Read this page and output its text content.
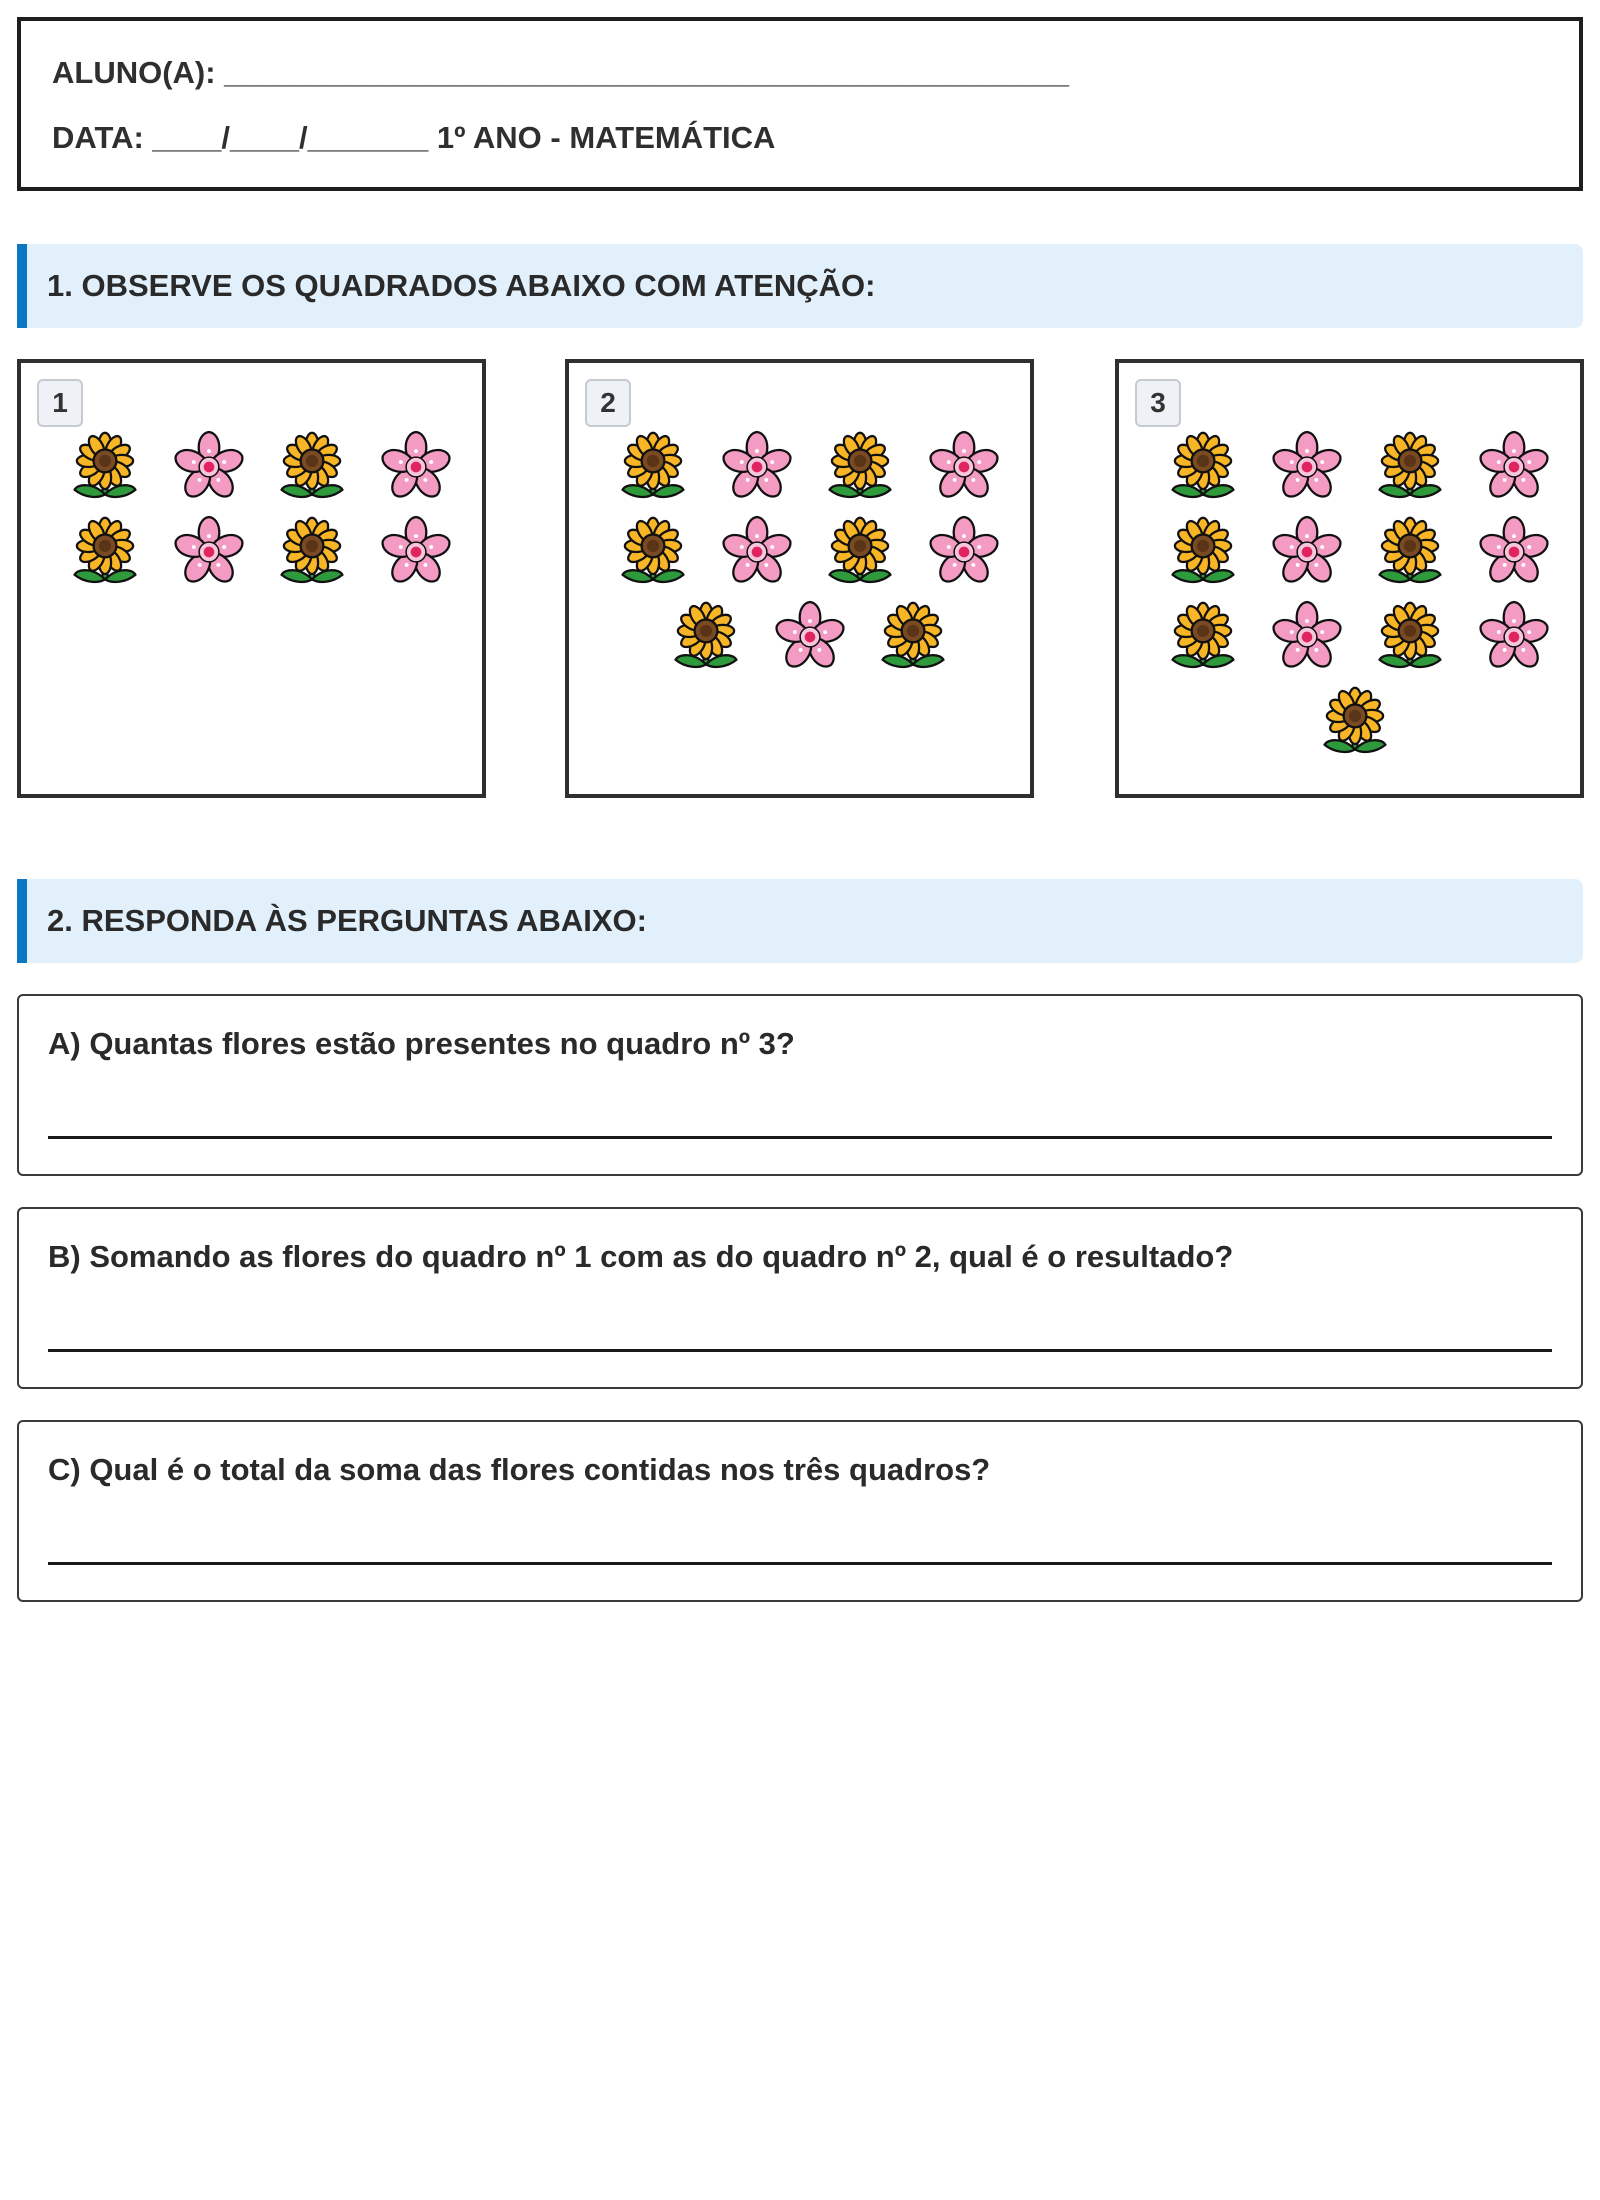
ALUNO(A): _________________________________________________
DATA: ____/____/_______ 1º ANO - MATEMÁTICA
1. OBSERVE OS QUADRADOS ABAIXO COM ATENÇÃO:
1	2	3
2. RESPONDA ÀS PERGUNTAS ABAIXO:
A) Quantas flores estão presentes no quadro nº 3?
B) Somando as flores do quadro nº 1 com as do quadro nº 2, qual é o resultado?
C) Qual é o total da soma das flores contidas nos três quadros?
